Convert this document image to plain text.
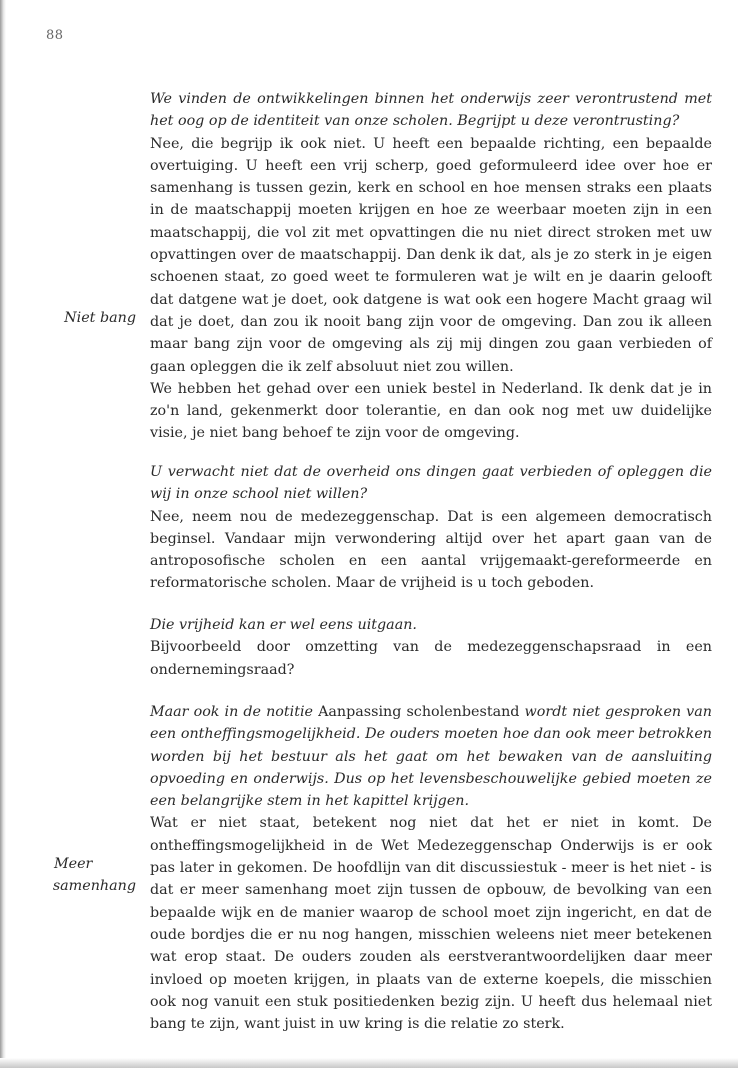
88

We vinden de ontwikkelingen binnen het onderwijs zeer verontrustend met het oog op de identiteit van onze scholen. Begrijpt u deze verontrusting?

Nee, die begrijp ik ook niet. U heeft een bepaalde richting, een bepaalde overtuiging. U heeft een vrij scherp, goed geformuleerd idee over hoe er samenhang is tussen gezin, kerk en school en hoe mensen straks een plaats in de maatschappij moeten krijgen en hoe ze weerbaar moeten zijn in een maatschappij, die vol zit met opvattingen die nu niet direct stroken met uw opvattingen over de maatschappij. Dan denk ik dat, als je zo sterk in je eigen schoenen staat, zo goed weet te formuleren wat je wilt en je daarin gelooft dat datgene wat je doet, ook datgene is wat ook een hogere Macht graag wil dat je doet, dan zou ik nooit bang zijn voor de omgeving. Dan zou ik alleen maar bang zijn voor de omgeving als zij mij dingen zou gaan verbieden of gaan opleggen die ik zelf absoluut niet zou willen.

We hebben het gehad over een uniek bestel in Nederland. Ik denk dat je in zo'n land, gekenmerkt door tolerantie, en dan ook nog met uw duidelijke visie, je niet bang behoef te zijn voor de omgeving.

U verwacht niet dat de overheid ons dingen gaat verbieden of opleggen die wij in onze school niet willen?

Nee, neem nou de medezeggenschap. Dat is een algemeen democratisch beginsel. Vandaar mijn verwondering altijd over het apart gaan van de antroposofische scholen en een aantal vrijgemaakt-gereformeerde en reformatorische scholen. Maar de vrijheid is u toch geboden.

Die vrijheid kan er wel eens uitgaan.

Bijvoorbeeld door omzetting van de medezeggenschapsraad in een ondernemingsraad?

Maar ook in de notitie Aanpassing scholenbestand wordt niet gesproken van een ontheffingsmogelijkheid. De ouders moeten hoe dan ook meer betrokken worden bij het bestuur als het gaat om het bewaken van de aansluiting opvoeding en onderwijs. Dus op het levensbeschouwelijke gebied moeten ze een belangrijke stem in het kapittel krijgen.

Wat er niet staat, betekent nog niet dat het er niet in komt. De ontheffingsmogelijkheid in de Wet Medezeggenschap Onderwijs is er ook pas later in gekomen. De hoofdlijn van dit discussiestuk - meer is het niet - is dat er meer samenhang moet zijn tussen de opbouw, de bevolking van een bepaalde wijk en de manier waarop de school moet zijn ingericht, en dat de oude bordjes die er nu nog hangen, misschien weleens niet meer betekenen wat erop staat. De ouders zouden als eerstverantwoordelijken daar meer invloed op moeten krijgen, in plaats van de externe koepels, die misschien ook nog vanuit een stuk positiedenken bezig zijn. U heeft dus helemaal niet bang te zijn, want juist in uw kring is die relatie zo sterk.

Niet bang
Meer
samenhang
